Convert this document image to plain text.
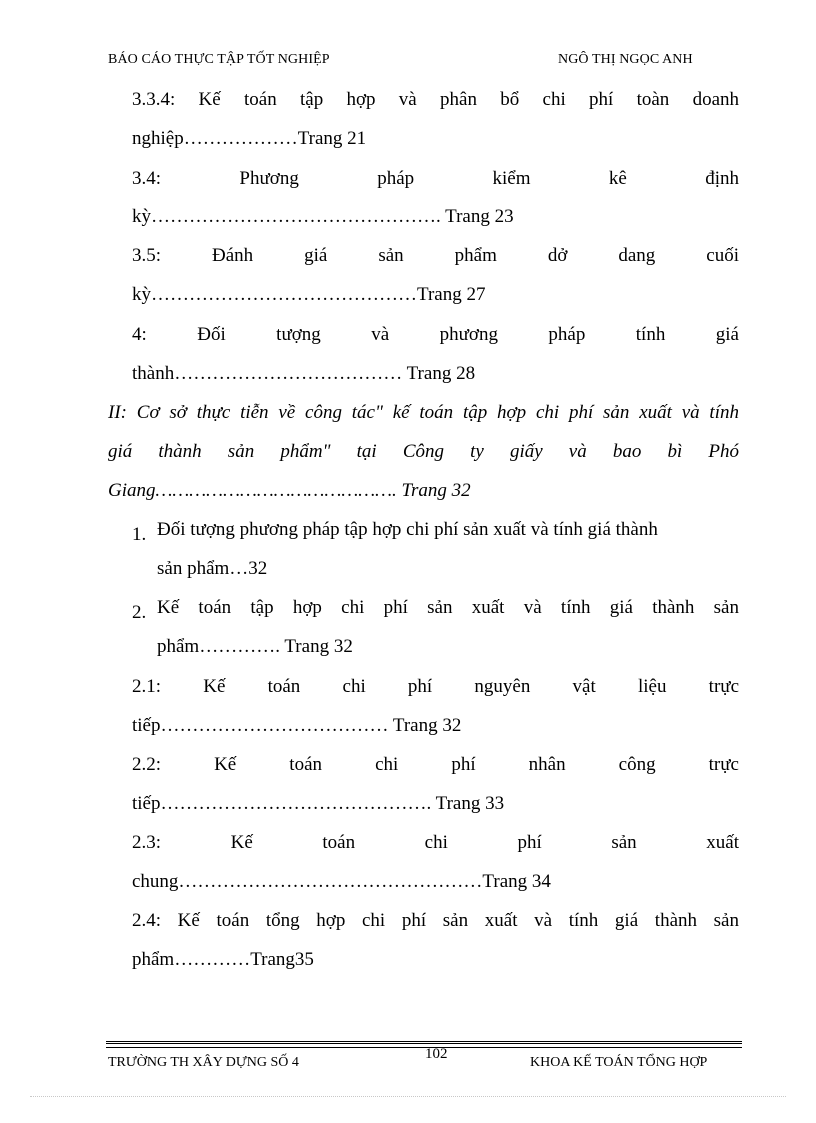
BÁO CÁO THỰC TẬP TỐT NGHIỆP	NGÔ THỊ NGỌC ANH
3.3.4: Kế toán tập hợp và phân bổ chi phí toàn doanh
nghiệp………………Trang 21
3.4: Phương pháp kiểm kê định
kỳ………………………………………. Trang 23
3.5: Đánh giá sản phẩm dở dang cuối
kỳ……………………………………Trang 27
4: Đối tượng và phương pháp tính giá
thành……………………………… Trang 28
II: Cơ sở thực tiễn về công tác" kế toán tập hợp chi phí sản xuất và tính
giá thành sản phẩm" tại Công ty giấy và bao bì Phó
Giang……………………………………. Trang 32
1. Đối tượng phương pháp tập hợp chi phí sản xuất và tính giá thành
sản phẩm…32
2. Kế toán tập hợp chi phí sản xuất và tính giá thành sản
phẩm…………. Trang 32
2.1: Kế toán chi phí nguyên vật liệu trực
tiếp……………………………… Trang 32
2.2: Kế toán chi phí nhân công trực
tiếp……………………………………. Trang 33
2.3: Kế toán chi phí sản xuất
chung…………………………………………Trang 34
2.4: Kế toán tổng hợp chi phí sản xuất và tính giá thành sản
phẩm…………Trang35
TRƯỜNG TH XÂY DỰNG SỐ 4
102
KHOA KẾ TOÁN TỔNG HỢP
